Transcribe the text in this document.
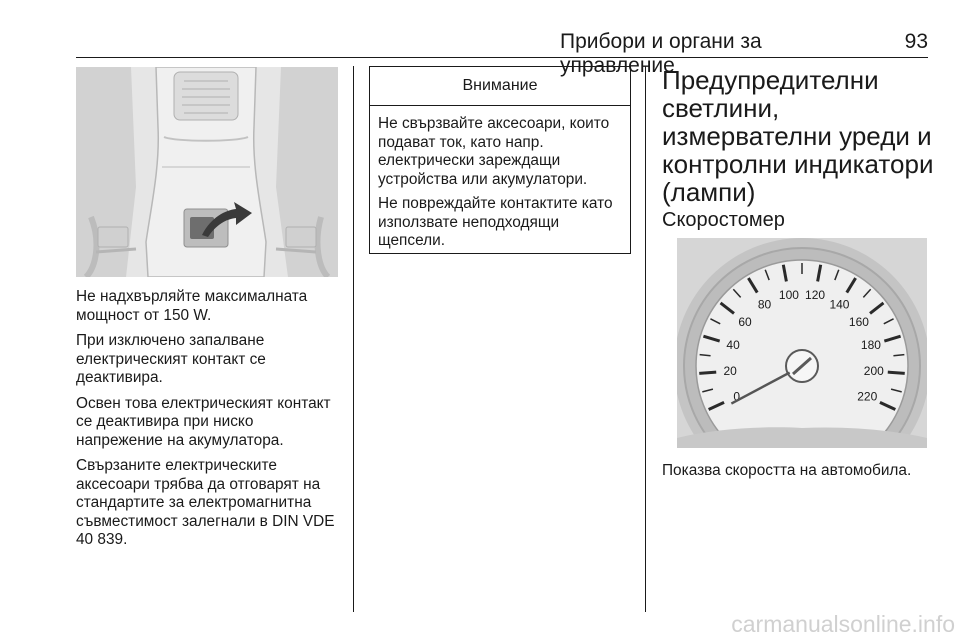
Прибори и органи за управление
93

Не надхвърляйте максималната мощност от 150 W.

При изключено запалване електрическият контакт се деактивира.

Освен това електрическият контакт се деактивира при ниско напрежение на акумулатора.

Свързаните електрическите аксесоари трябва да отговарят на стандартите за електромагнитна съвместимост залегнали в DIN VDE 40 839.

Внимание

Не свързвайте аксесоари, които подават ток, като напр. електрически зареждащи устройства или акумулатори.

Не повреждайте контактите като използвате неподходящи щепсели.

Предупредителни светлини, измервателни уреди и контролни индикатори (лампи)
Скоростомер
0
20
40
60
80
100 120
140
160
180
200
220
Показва скоростта на автомобила.
carmanualsonline.info
